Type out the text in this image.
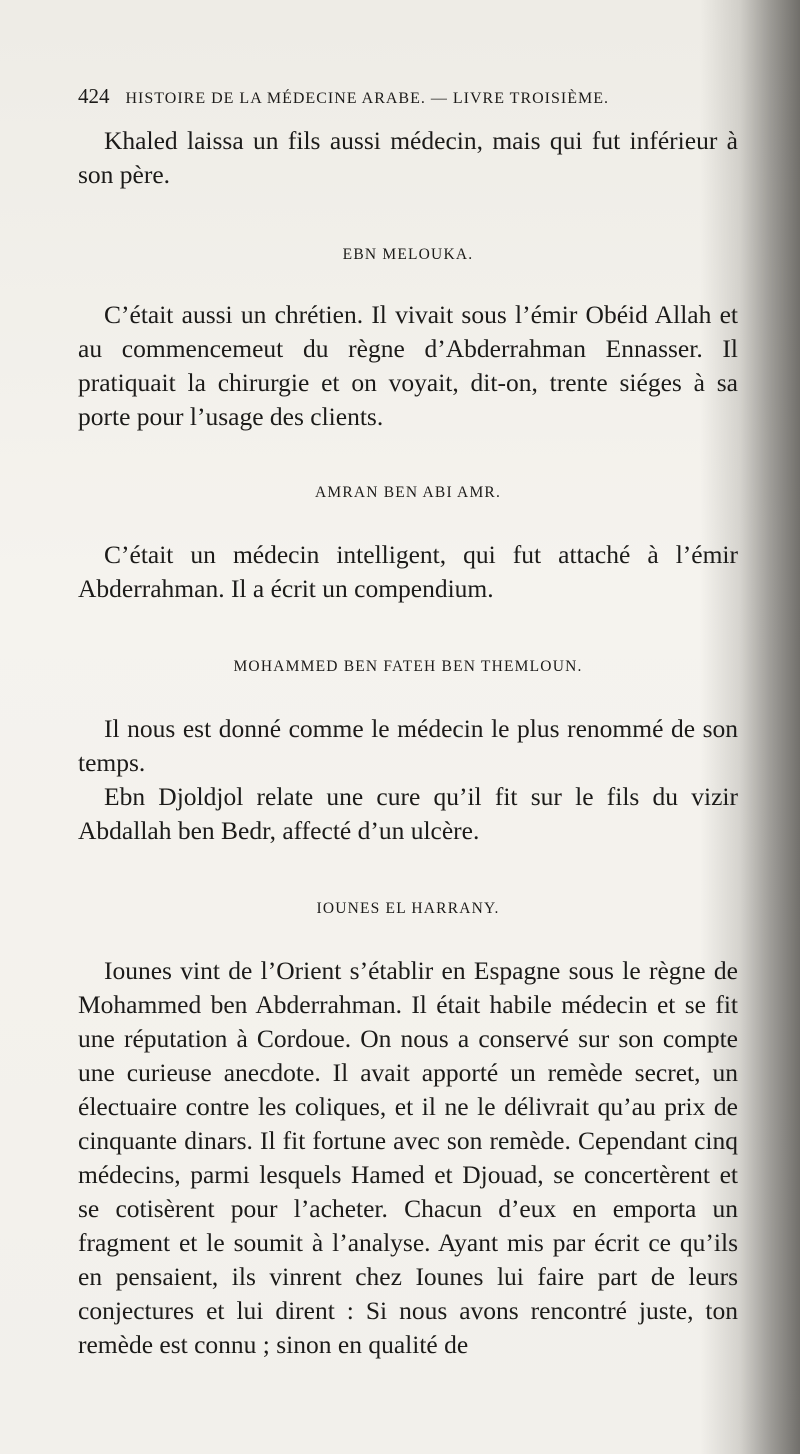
424 HISTOIRE DE LA MÉDECINE ARABE. — LIVRE TROISIÈME.

Khaled laissa un fils aussi médecin, mais qui fut inférieur à son père.

EBN MELOUKA.

C’était aussi un chrétien. Il vivait sous l’émir Obéid Allah et au commencemeut du règne d’Abderrahman Ennasser. Il pratiquait la chirurgie et on voyait, dit-on, trente siéges à sa porte pour l’usage des clients.

AMRAN BEN ABI AMR.

C’était un médecin intelligent, qui fut attaché à l’émir Abderrahman. Il a écrit un compendium.

MOHAMMED BEN FATEH BEN THEMLOUN.

Il nous est donné comme le médecin le plus renommé de son temps.

Ebn Djoldjol relate une cure qu’il fit sur le fils du vizir Abdallah ben Bedr, affecté d’un ulcère.

IOUNES EL HARRANY.

Iounes vint de l’Orient s’établir en Espagne sous le règne de Mohammed ben Abderrahman. Il était habile médecin et se fit une réputation à Cordoue. On nous a conservé sur son compte une curieuse anecdote. Il avait apporté un remède secret, un électuaire contre les coliques, et il ne le délivrait qu’au prix de cinquante dinars. Il fit fortune avec son remède. Cependant cinq médecins, parmi lesquels Hamed et Djouad, se concertèrent et se cotisèrent pour l’acheter. Chacun d’eux en emporta un fragment et le soumit à l’analyse. Ayant mis par écrit ce qu’ils en pensaient, ils vinrent chez Iounes lui faire part de leurs conjectures et lui dirent : Si nous avons rencontré juste, ton remède est connu ; sinon en qualité de
